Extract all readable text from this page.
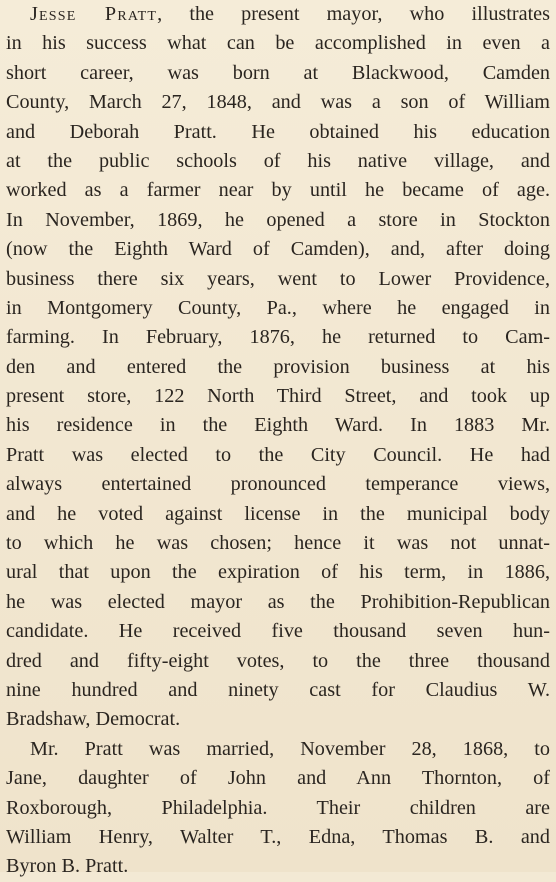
Jesse Pratt, the present mayor, who illustrates
in his success what can be accomplished in even a
short career, was born at Blackwood, Camden
County, March 27, 1848, and was a son of William
and Deborah Pratt. He obtained his education
at the public schools of his native village, and
worked as a farmer near by until he became of age.
In November, 1869, he opened a store in Stockton
(now the Eighth Ward of Camden), and, after doing
business there six years, went to Lower Providence,
in Montgomery County, Pa., where he engaged in
farming. In February, 1876, he returned to Cam-
den and entered the provision business at his
present store, 122 North Third Street, and took up
his residence in the Eighth Ward. In 1883 Mr.
Pratt was elected to the City Council. He had
always entertained pronounced temperance views,
and he voted against license in the municipal body
to which he was chosen; hence it was not unnat-
ural that upon the expiration of his term, in 1886,
he was elected mayor as the Prohibition-Republican
candidate. He received five thousand seven hun-
dred and fifty-eight votes, to the three thousand
nine hundred and ninety cast for Claudius W.
Bradshaw, Democrat.
Mr. Pratt was married, November 28, 1868, to
Jane, daughter of John and Ann Thornton, of
Roxborough, Philadelphia. Their children are
William Henry, Walter T., Edna, Thomas B. and
Byron B. Pratt.
